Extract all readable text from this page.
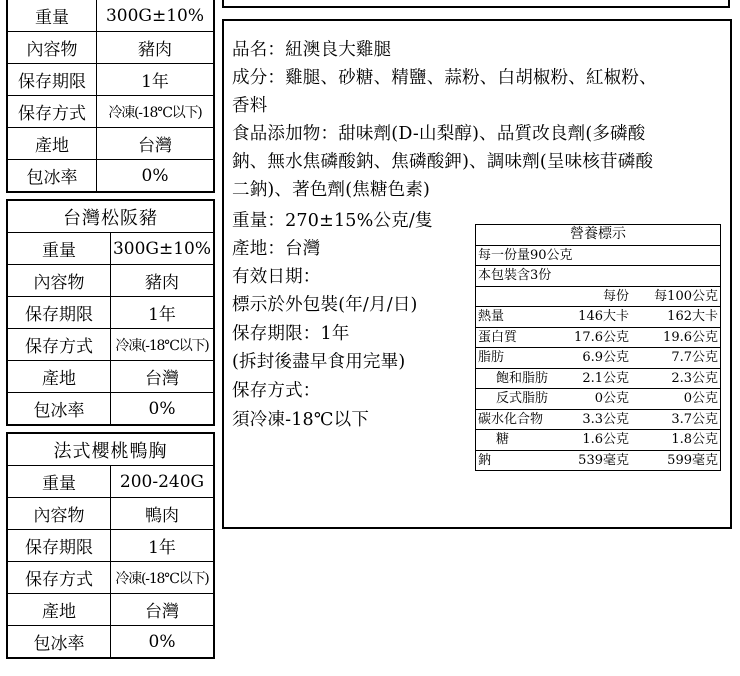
重量	300G±10%
內容物	豬肉
保存期限	1年
保存方式	冷凍(-18℃以下)
產地	台灣
包冰率	0%
台灣松阪豬	
重量	300G±10%
內容物	豬肉
保存期限	1年
保存方式	冷凍(-18℃以下)
產地	台灣
包冰率	0%
法式櫻桃鴨胸	
重量	200-240G
內容物	鴨肉
保存期限	1年
保存方式	冷凍(-18℃以下)
產地	台灣
包冰率	0%
品名：紐澳良大雞腿
成分：雞腿、砂糖、精鹽、蒜粉、白胡椒粉、紅椒粉、
香料
食品添加物：甜味劑(D-山梨醇)、品質改良劑(多磷酸
鈉、無水焦磷酸鈉、焦磷酸鉀)、調味劑(呈味核苷磷酸
二鈉)、著色劑(焦糖色素)
重量：270±15%公克/隻
產地：台灣
有效日期：
標示於外包裝(年/月/日)
保存期限：1年
(拆封後盡早食用完畢)
保存方式：
須冷凍-18℃以下
營養標示
每一份量90公克
本包裝含3份
每份 每100公克
熱量	146大卡	162大卡
蛋白質	17.6公克	19.6公克
脂肪	6.9公克	7.7公克
飽和脂肪	2.1公克	2.3公克
反式脂肪	0公克	0公克
碳水化合物	3.3公克	3.7公克
糖	1.6公克	1.8公克
鈉	539毫克	599毫克
